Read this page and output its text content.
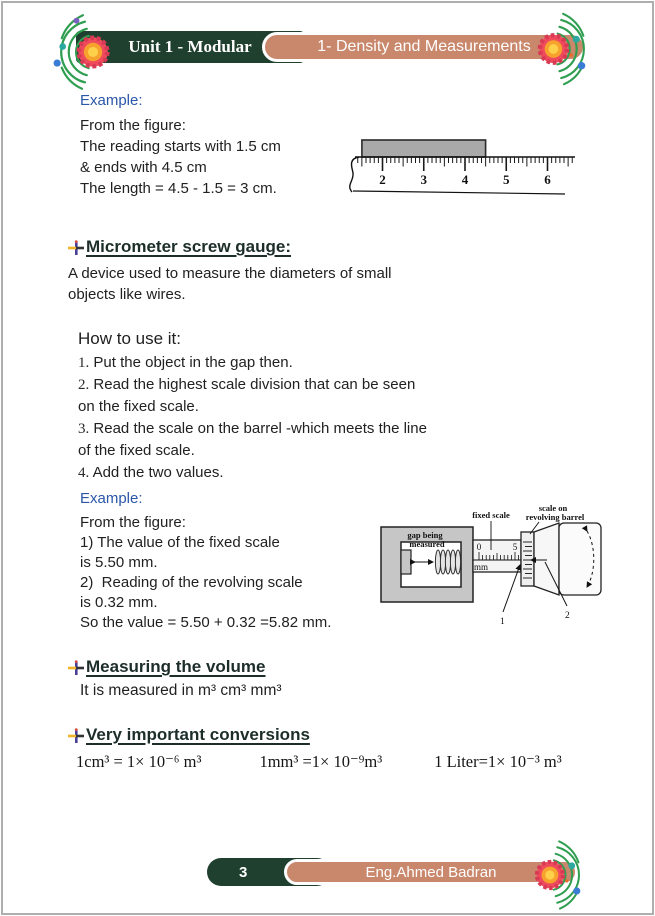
Unit 1 - Modular	1- Density and Measurements
Example:
From the figure:
The reading starts with 1.5 cm
& ends with 4.5 cm
The length = 4.5 - 1.5 = 3 cm.
2	3	4	5	6
Micrometer screw gauge:
A device used to measure the diameters of small
objects like wires.
How to use it:
1. Put the object in the gap then.
2. Read the highest scale division that can be seen
on the fixed scale.
3. Read the scale on the barrel -which meets the line
of the fixed scale.
4. Add the two values.
Example:
From the figure:
1) The value of the fixed scale
is 5.50 mm.
2)  Reading of the revolving scale
is 0.32 mm.
So the value = 5.50 + 0.32 =5.82 mm.
0	5
mm
gap being
measured
fixed scale
scale on
revolving barrel
1
2
Measuring the volume
It is measured in m³ cm³ mm³
Very important conversions
1cm³ = 1× 10⁻⁶ m³	1mm³ =1× 10⁻⁹m³	1 Liter=1× 10⁻³ m³
3	Eng.Ahmed Badran
